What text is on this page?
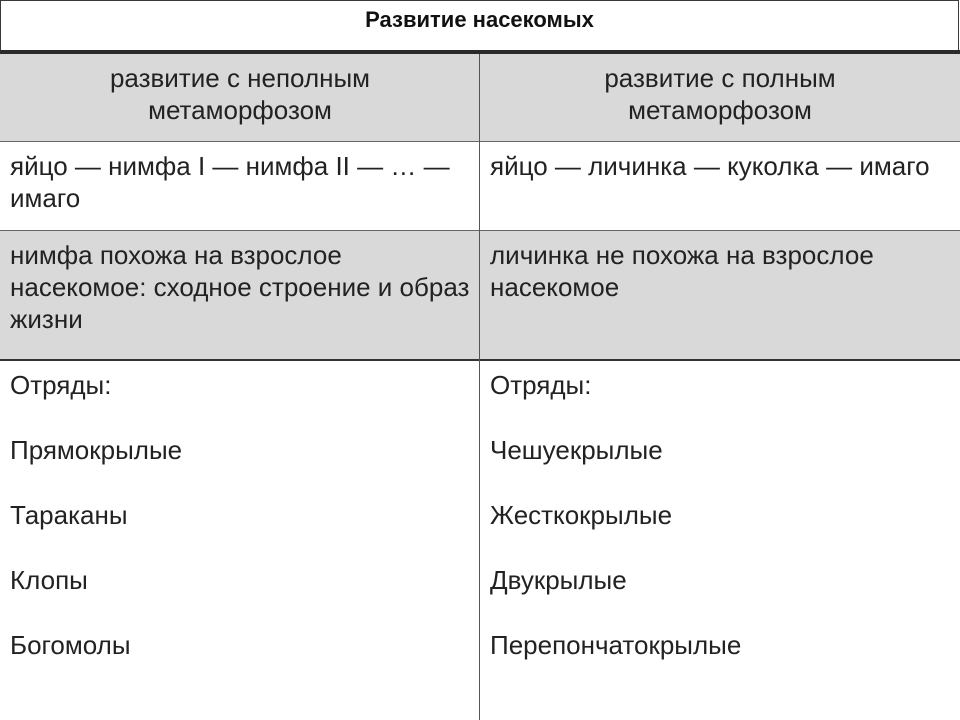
Развитие насекомых
развитие с неполным метаморфозом
развитие с полным метаморфозом
яйцо — нимфа I — нимфа II — … — имаго
яйцо — личинка — куколка — имаго
нимфа похожа на взрослое насекомое: сходное строение и образ жизни
личинка не похожа на взрослое насекомое
Отряды:
Прямокрылые
Тараканы
Клопы
Богомолы
Отряды:
Чешуекрылые
Жесткокрылые
Двукрылые
Перепончатокрылые
